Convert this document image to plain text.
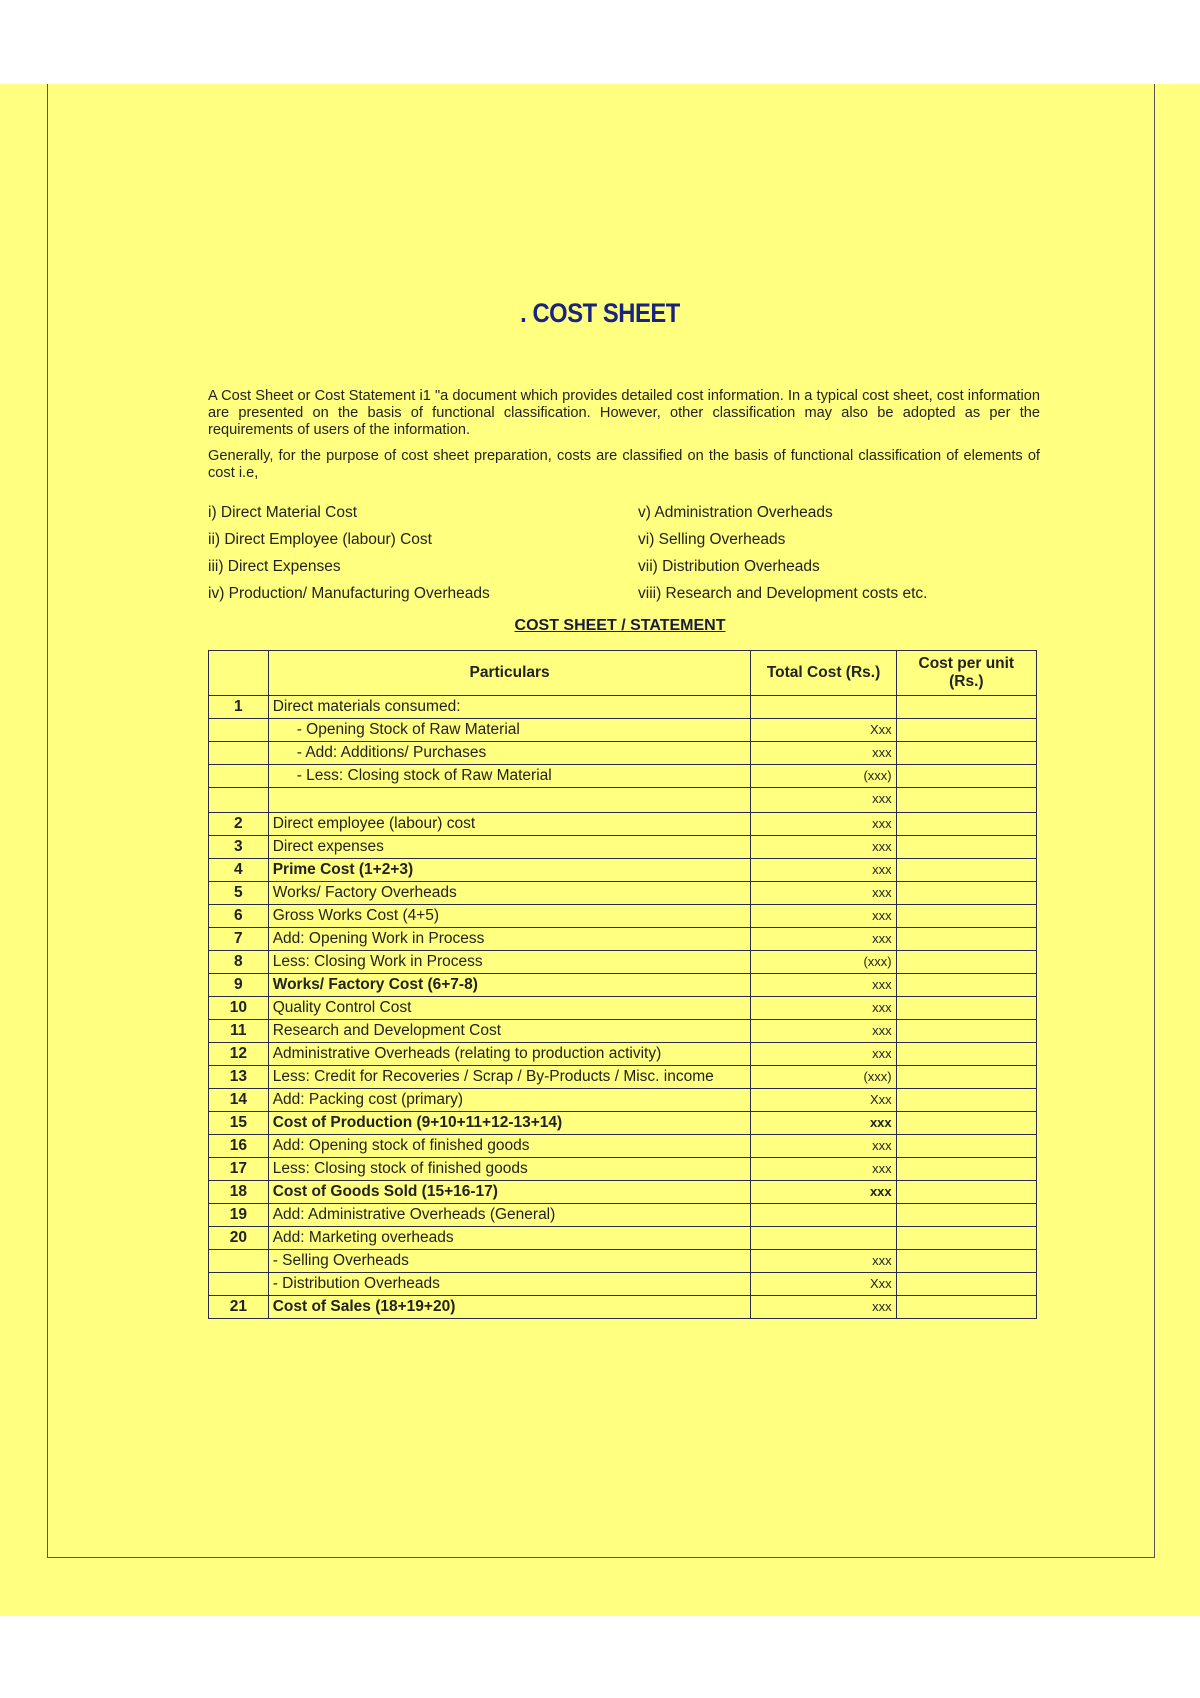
. COST SHEET

A Cost Sheet or Cost Statement i1 "a document which provides detailed cost information. In a typical cost sheet, cost information are presented on the basis of functional classification. However, other classification may also be adopted as per the requirements of users of the information.

Generally, for the purpose of cost sheet preparation, costs are classified on the basis of functional classification of elements of cost i.e,

i) Direct Material Cost
ii) Direct Employee (labour) Cost
iii) Direct Expenses
iv) Production/ Manufacturing Overheads
v) Administration Overheads
vi) Selling Overheads
vii) Distribution Overheads
viii) Research and Development costs etc.
COST SHEET / STATEMENT
	Particulars	Total Cost (Rs.)	Cost per unit (Rs.)
1	Direct materials consumed:		
	- Opening Stock of Raw Material	Xxx	
	- Add: Additions/ Purchases	xxx	
	- Less: Closing stock of Raw Material	(xxx)	
		xxx	
2	Direct employee (labour) cost	xxx	
3	Direct expenses	xxx	
4	Prime Cost (1+2+3)	xxx	
5	Works/ Factory Overheads	xxx	
6	Gross Works Cost (4+5)	xxx	
7	Add: Opening Work in Process	xxx	
8	Less: Closing Work in Process	(xxx)	
9	Works/ Factory Cost (6+7-8)	xxx	
10	Quality Control Cost	xxx	
11	Research and Development Cost	xxx	
12	Administrative Overheads (relating to production activity)	xxx	
13	Less: Credit for Recoveries / Scrap / By-Products / Misc. income	(xxx)	
14	Add: Packing cost (primary)	Xxx	
15	Cost of Production (9+10+11+12-13+14)	xxx	
16	Add: Opening stock of finished goods	xxx	
17	Less: Closing stock of finished goods	xxx	
18	Cost of Goods Sold (15+16-17)	xxx	
19	Add: Administrative Overheads (General)		
20	Add: Marketing overheads		
	- Selling Overheads	xxx	
	- Distribution Overheads	Xxx	
21	Cost of Sales (18+19+20)	xxx	
